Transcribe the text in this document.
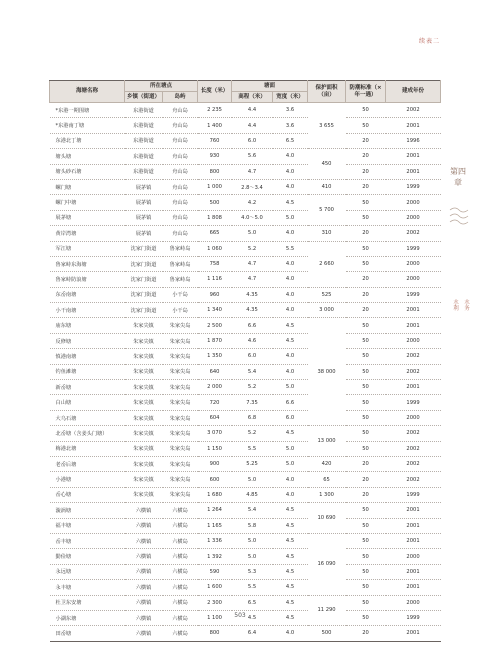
续表二
海塘名称	所在塘点		长度（米）	塘面		保护面积（亩）	防潮标准（×年一遇）	建成年份
	乡镇（街道）	岛屿		高程（米）	宽度（米）			
*东港一期围塘	东港街道	舟山岛	2 235	4.4	3.6	3 655	50	2002
*东港南丁塘	东港街道	舟山岛	1 400	4.4	3.6		50	2001
东港北丁塘	东港街道	舟山岛	760	6.0	6.5		20	1996
塘头塘	东港街道	舟山岛	930	5.6	4.0	450	20	2001
塘头砂石塘	东港街道	舟山岛	800	4.7	4.0		20	2001
螺门塘	展茅镇	舟山岛	1 000	2.8～3.4	4.0	410	20	1999
螺门中塘	展茅镇	舟山岛	500	4.2	4.5	5 700	50	2000
展茅塘	展茅镇	舟山岛	1 808	4.0～5.0	5.0		50	2000
黄岸湾塘	展茅镇	舟山岛	665	5.0	4.0	310	20	2002
军江塘	沈家门街道	鲁家峙岛	1 060	5.2	5.5	2 660	50	1999
鲁家峙东海塘	沈家门街道	鲁家峙岛	758	4.7	4.0		50	2000
鲁家峙防浪塘	沈家门街道	鲁家峙岛	1 116	4.7	4.0		20	2000
东岙南塘	沈家门街道	小干岛	960	4.35	4.0	525	20	1999
小干南塘	沈家门街道	小干岛	1 340	4.35	4.0	3 000	20	2001
庙东塘	朱家尖镇	朱家尖岛	2 500	6.6	4.5	38 000	50	2001
反修塘	朱家尖镇	朱家尖岛	1 870	4.6	4.5		50	2000
慎港南塘	朱家尖镇	朱家尖岛	1 350	6.0	4.0		50	2002
钓鱼滩塘	朱家尖镇	朱家尖岛	640	5.4	4.0		50	2002
新岙塘	朱家尖镇	朱家尖岛	2 000	5.2	5.0		50	2001
白山塘	朱家尖镇	朱家尖岛	720	7.35	6.6		50	1999
大乌石塘	朱家尖镇	朱家尖岛	604	6.8	6.0		50	2000
北岙塘（含姜头门塘）	朱家尖镇	朱家尖岛	3 070	5.2	4.5	13 000	50	2002
梅港北塘	朱家尖镇	朱家尖岛	1 150	5.5	5.0		50	2002
老岙后塘	朱家尖镇	朱家尖岛	900	5.25	5.0	420	20	2002
小港塘	朱家尖镇	朱家尖岛	600	5.0	4.0	65	20	2002
岙心塘	朱家尖镇	朱家尖岛	1 680	4.85	4.0	1 300	20	1999
漩涡塘	六横镇	六横岛	1 264	5.4	4.5	10 690	50	2001
福丰塘	六横镇	六横岛	1 165	5.8	4.5		50	2001
岙丰塘	六横镇	六横岛	1 336	5.0	4.5	16 090	50	2001
勤俭塘	六横镇	六横岛	1 392	5.0	4.5		50	2000
永远塘	六横镇	六横岛	590	5.3	4.5		50	2001
永丰塘	六横镇	六横岛	1 600	5.5	4.5		50	2001
杜卫东安塘	六横镇	六横岛	2 300	6.5	4.5	11 290	50	2000
小湖东塘	六横镇	六横岛	1 100	4.5	4.5		50	1999
田岙塘	六横镇	六横岛	800	6.4	4.0	500	20	2001
第四章
水利
水务
503
